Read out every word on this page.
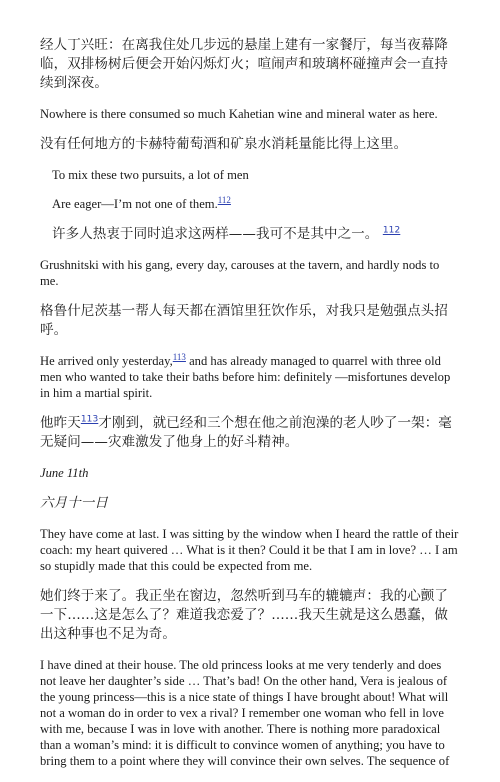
经人丁兴旺：在离我住处几步远的悬崖上建有一家餐厅，每当夜幕降临，双排杨树后便会开始闪烁灯火；喧闹声和玻璃杯碰撞声会一直持续到深夜。

Nowhere is there consumed so much Kahetian wine and mineral water as here.

没有任何地方的卡赫特葡萄酒和矿泉水消耗量能比得上这里。

To mix these two pursuits, a lot of men

Are eager—I’m not one of them.$^{112}$

许多人热衷于同时追求这两样——我可不是其中之一。 $^{112}$

Grushnitski with his gang, every day, carouses at the tavern, and hardly nods to me.

格鲁什尼茨基一帮人每天都在酒馆里狂饮作乐，对我只是勉强点头招呼。

He arrived only yesterday,$^{113}$ and has already managed to quarrel with three old men who wanted to take their baths before him: definitely —misfortunes develop in him a martial spirit.

他昨天$^{113}$才刚到，就已经和三个想在他之前泡澡的老人吵了一架：毫无疑问——灾难激发了他身上的好斗精神。

June 11th

六月十一日

They have come at last. I was sitting by the window when I heard the rattle of their coach: my heart quivered … What is it then? Could it be that I am in love? … I am so stupidly made that this could be expected from me.

她们终于来了。我正坐在窗边，忽然听到马车的辘辘声：我的心颤了一下……这是怎么了？难道我恋爱了？……我天生就是这么愚蠢，做出这种事也不足为奇。

I have dined at their house. The old princess looks at me very tenderly and does not leave her daughter’s side … That’s bad! On the other hand, Vera is jealous of the young princess—this is a nice state of things I have brought about! What will not a woman do in order to vex a rival? I remember one woman who fell in love with me, because I was in love with another. There is nothing more paradoxical than a woman’s mind: it is difficult to convince women of anything; you have to bring them to a point where they will convince their own selves. The sequence of
